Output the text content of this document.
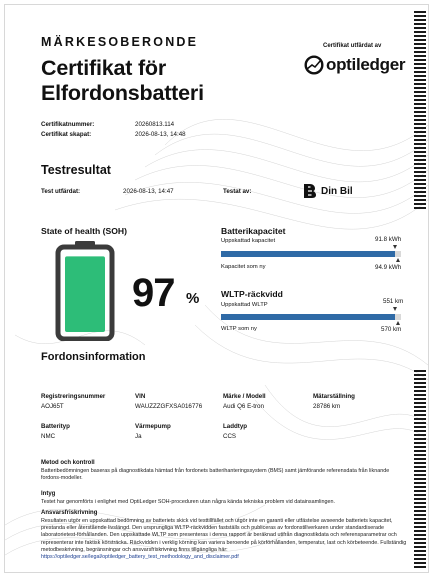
MÄRKESOBERONDE
Certifikat för
Elfordonsbatteri
Certifikat utfärdat av
optiledger
Certifikatnummer:	20260813.114
Certifikat skapat:	2026-08-13, 14:48
Testresultat
Test utfärdat:	2026-08-13, 14:47	Testat av:	Din Bil
State of health (SOH)
97 %
Batterikapacitet
Uppskattad kapacitet	91.8 kWh
Kapacitet som ny	94.9 kWh
WLTP-räckvidd
Uppskattad WLTP	551 km
WLTP som ny	570 km
Fordonsinformation
Registreringsnummer
AOJ65T
VIN
WAUZZZGFXSA016776
Märke / Modell
Audi Q6 E-tron
Mätarställning
28786 km
Batterityp
NMC
Värmepump
Ja
Laddtyp
CCS
Metod och kontroll
Batteribedömningen baseras på diagnostikdata hämtad från fordonets batterihanteringssystem (BMS) samt jämförande referensdata från liknande fordons-modeller.
Intyg
Testet har genomförts i enlighet med OptiLedger SOH-proceduren utan några kända tekniska problem vid datainsamlingen.
Ansvarsfriskrivning
Resultaten utgör en uppskattad bedömning av batteriets skick vid testtillfället och utgör inte en garanti eller utfästelse avseende batteriets kapacitet, prestanda eller återstående livslängd. Den ursprungliga WLTP-räckvidden fastställs och publiceras av fordonstillverkaren under standardiserade laboratorietest-förhållanden. Den uppskattade WLTP som presenteras i denna rapport är beräknad utifrån diagnostikdata och referensparametrar och representerar inte faktisk körsträcka. Räckvidden i verklig körning kan variera beroende på körförhållanden, temperatur, last och körbeteende. Fullständig metodbeskrivning, begränsningar och ansvarsfriskrivning finns tillgängliga här: https://optiledger.se/legal/optiledger_battery_test_methodology_and_disclaimer.pdf
